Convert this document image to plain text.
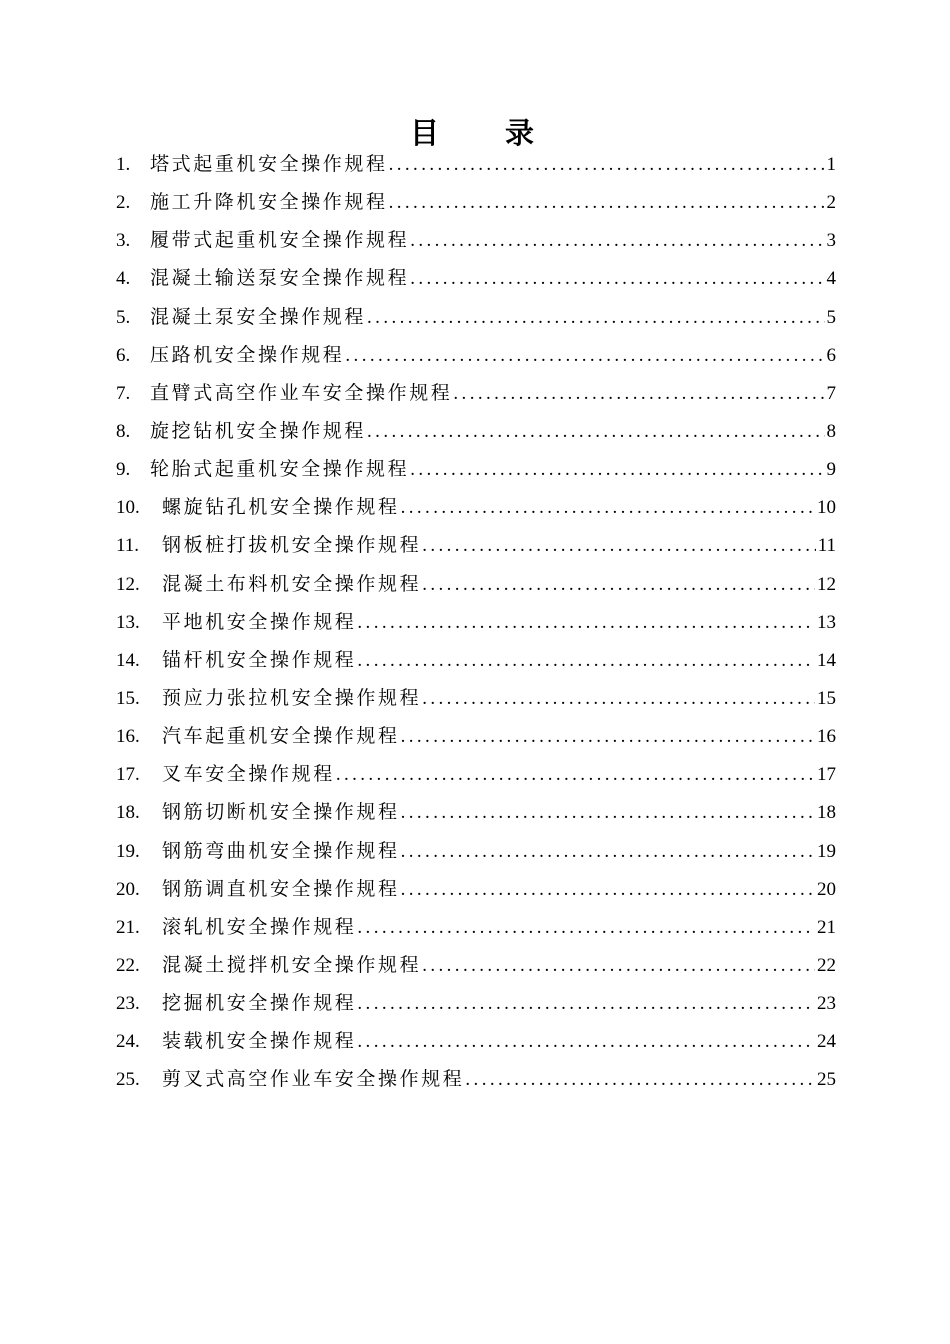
目 录
1.	塔式起重机安全操作规程 .....	1
2.	施工升降机安全操作规程 .....	2
3.	履带式起重机安全操作规程 .....	3
4.	混凝土输送泵安全操作规程 .....	4
5.	混凝土泵安全操作规程 .....	5
6.	压路机安全操作规程 .....	6
7.	直臂式高空作业车安全操作规程 .....	7
8.	旋挖钻机安全操作规程 .....	8
9.	轮胎式起重机安全操作规程 .....	9
10.	螺旋钻孔机安全操作规程 .....	10
11.	钢板桩打拔机安全操作规程 .....	11
12.	混凝土布料机安全操作规程 .....	12
13.	平地机安全操作规程 .....	13
14.	锚杆机安全操作规程 .....	14
15.	预应力张拉机安全操作规程 .....	15
16.	汽车起重机安全操作规程 .....	16
17.	叉车安全操作规程 .....	17
18.	钢筋切断机安全操作规程 .....	18
19.	钢筋弯曲机安全操作规程 .....	19
20.	钢筋调直机安全操作规程 .....	20
21.	滚轧机安全操作规程 .....	21
22.	混凝土搅拌机安全操作规程 .....	22
23.	挖掘机安全操作规程 .....	23
24.	装载机安全操作规程 .....	24
25.	剪叉式高空作业车安全操作规程 .....	25
